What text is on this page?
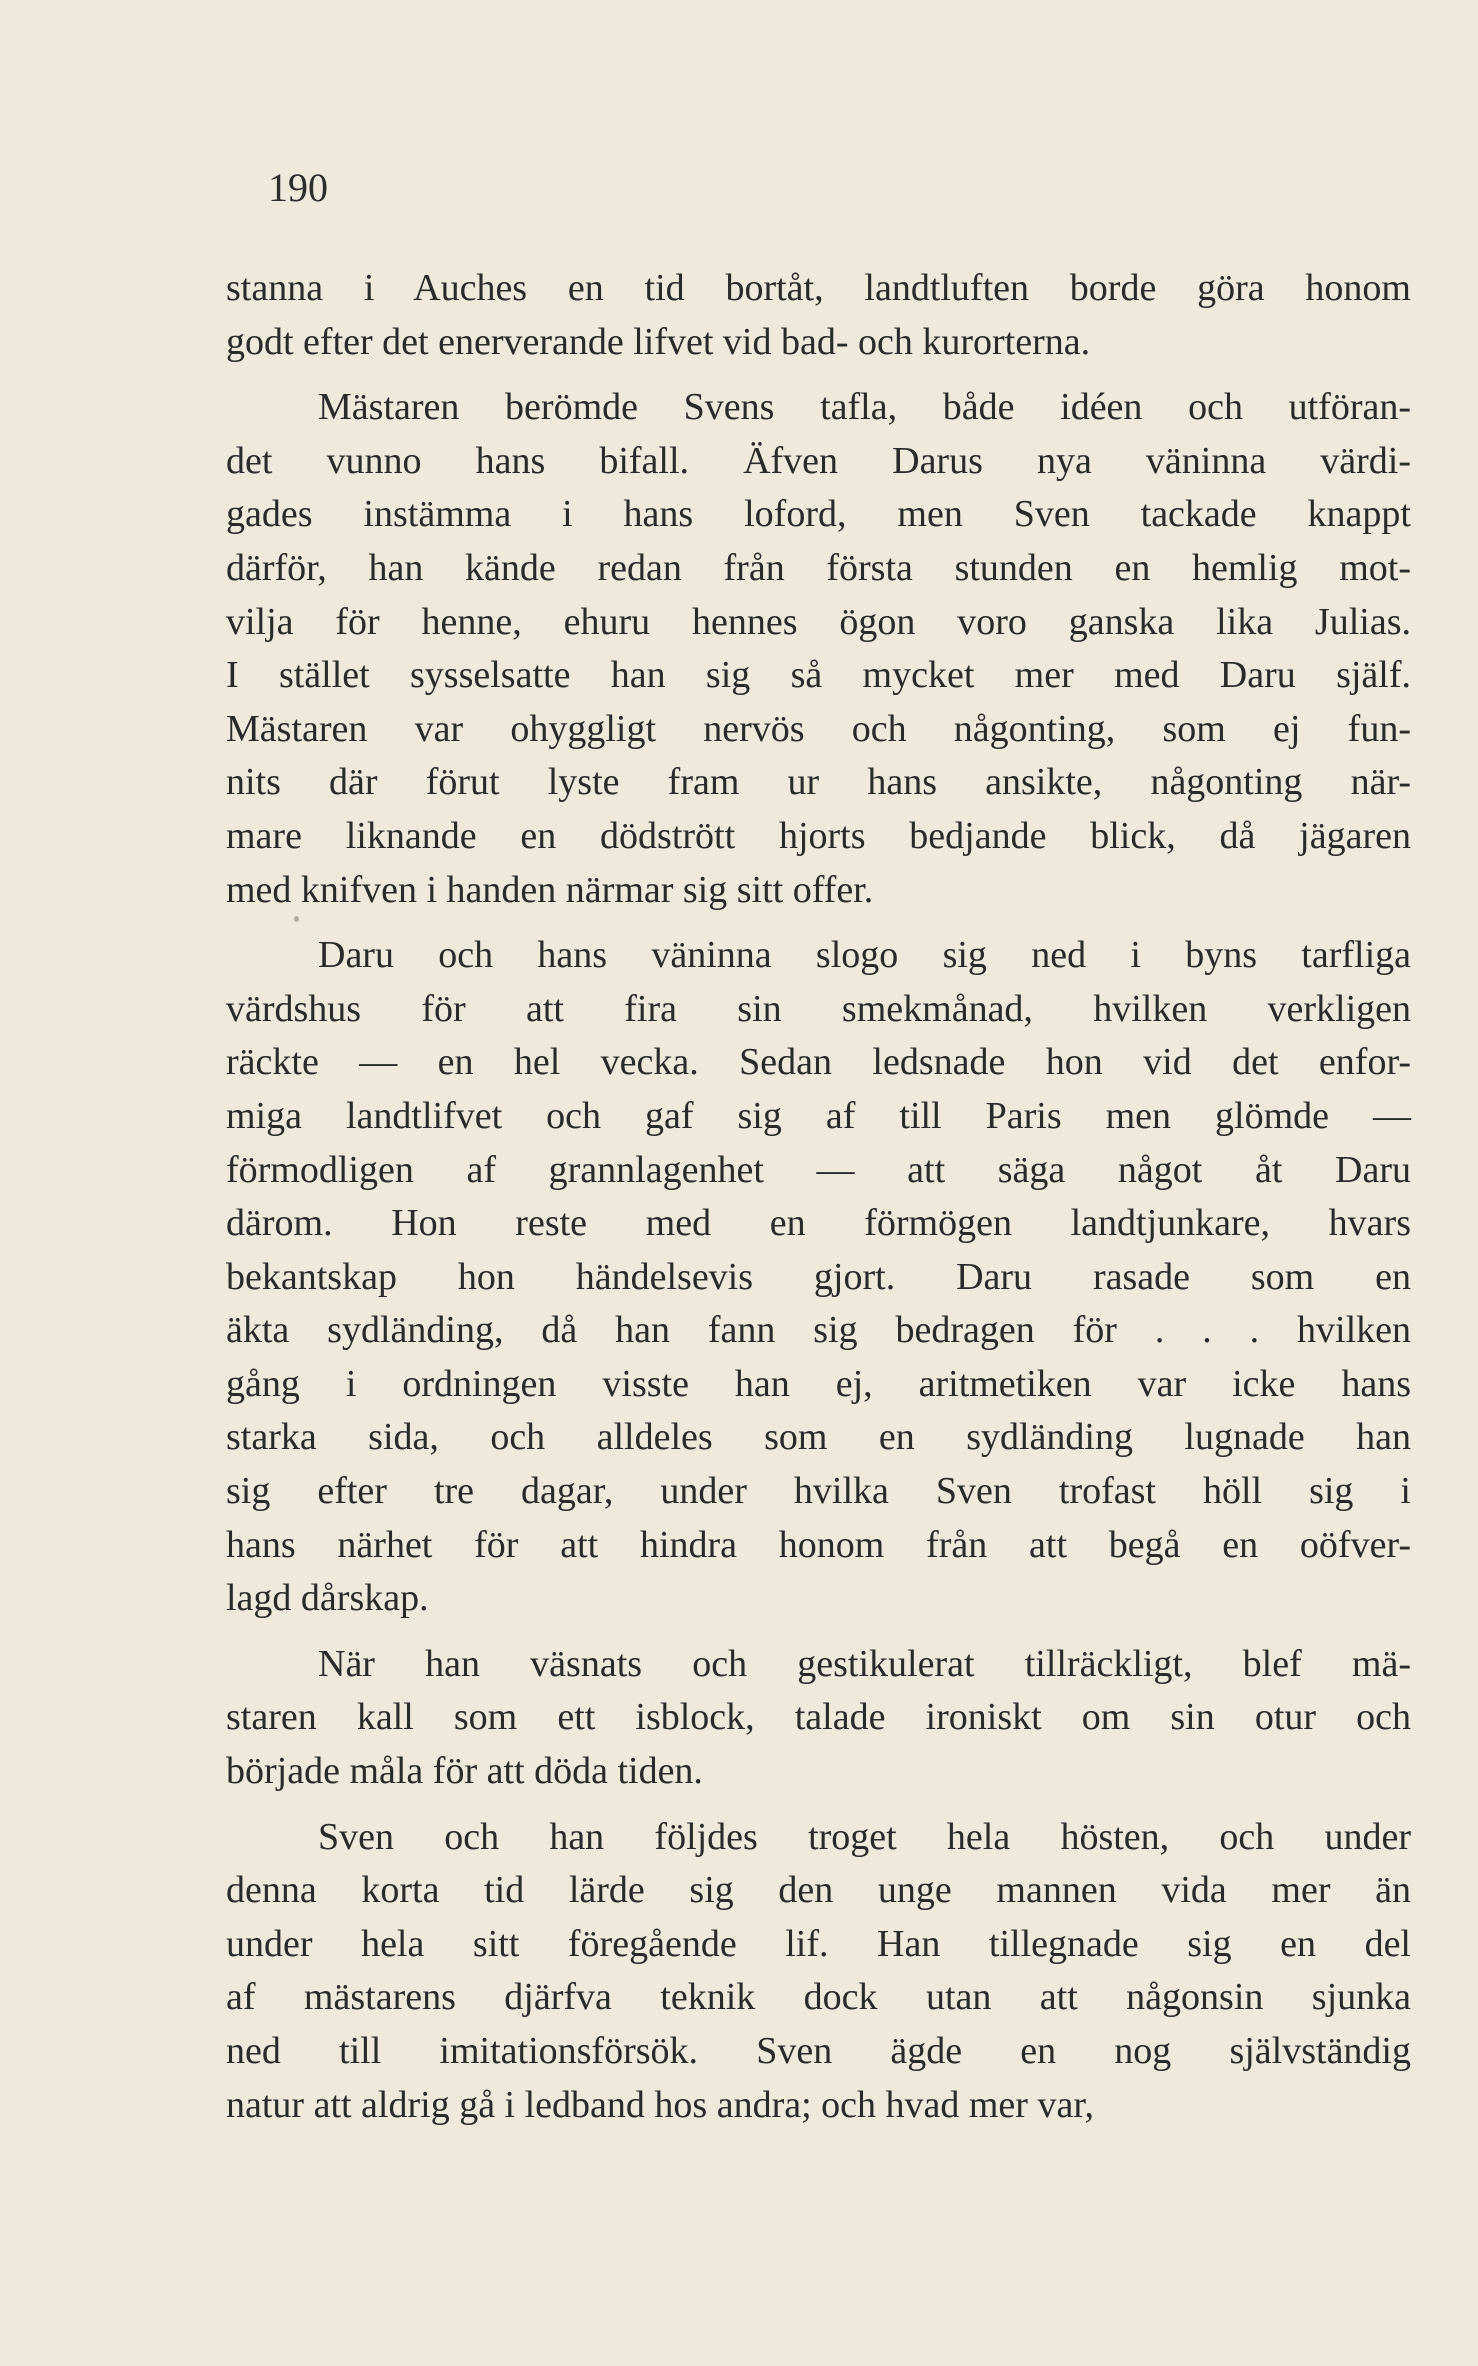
190

stanna i Auches en tid bortåt, landtluften borde göra honom
godt efter det enerverande lifvet vid bad- och kurorterna.

Mästaren berömde Svens tafla, både idéen och utföran-
det vunno hans bifall. Äfven Darus nya väninna värdi-
gades instämma i hans loford, men Sven tackade knappt
därför, han kände redan från första stunden en hemlig mot-
vilja för henne, ehuru hennes ögon voro ganska lika Julias.
I stället sysselsatte han sig så mycket mer med Daru själf.
Mästaren var ohyggligt nervös och någonting, som ej fun-
nits där förut lyste fram ur hans ansikte, någonting när-
mare liknande en dödstrött hjorts bedjande blick, då jägaren
med knifven i handen närmar sig sitt offer.

Daru och hans väninna slogo sig ned i byns tarfliga
värdshus för att fira sin smekmånad, hvilken verkligen
räckte — en hel vecka. Sedan ledsnade hon vid det enfor-
miga landtlifvet och gaf sig af till Paris men glömde —
förmodligen af grannlagenhet — att säga något åt Daru
därom. Hon reste med en förmögen landtjunkare, hvars
bekantskap hon händelsevis gjort. Daru rasade som en
äkta sydländing, då han fann sig bedragen för . . . hvilken
gång i ordningen visste han ej, aritmetiken var icke hans
starka sida, och alldeles som en sydländing lugnade han
sig efter tre dagar, under hvilka Sven trofast höll sig i
hans närhet för att hindra honom från att begå en oöfver-
lagd dårskap.

När han väsnats och gestikulerat tillräckligt, blef mä-
staren kall som ett isblock, talade ironiskt om sin otur och
började måla för att döda tiden.

Sven och han följdes troget hela hösten, och under
denna korta tid lärde sig den unge mannen vida mer än
under hela sitt föregående lif. Han tillegnade sig en del
af mästarens djärfva teknik dock utan att någonsin sjunka
ned till imitationsförsök. Sven ägde en nog självständig
natur att aldrig gå i ledband hos andra; och hvad mer var,
